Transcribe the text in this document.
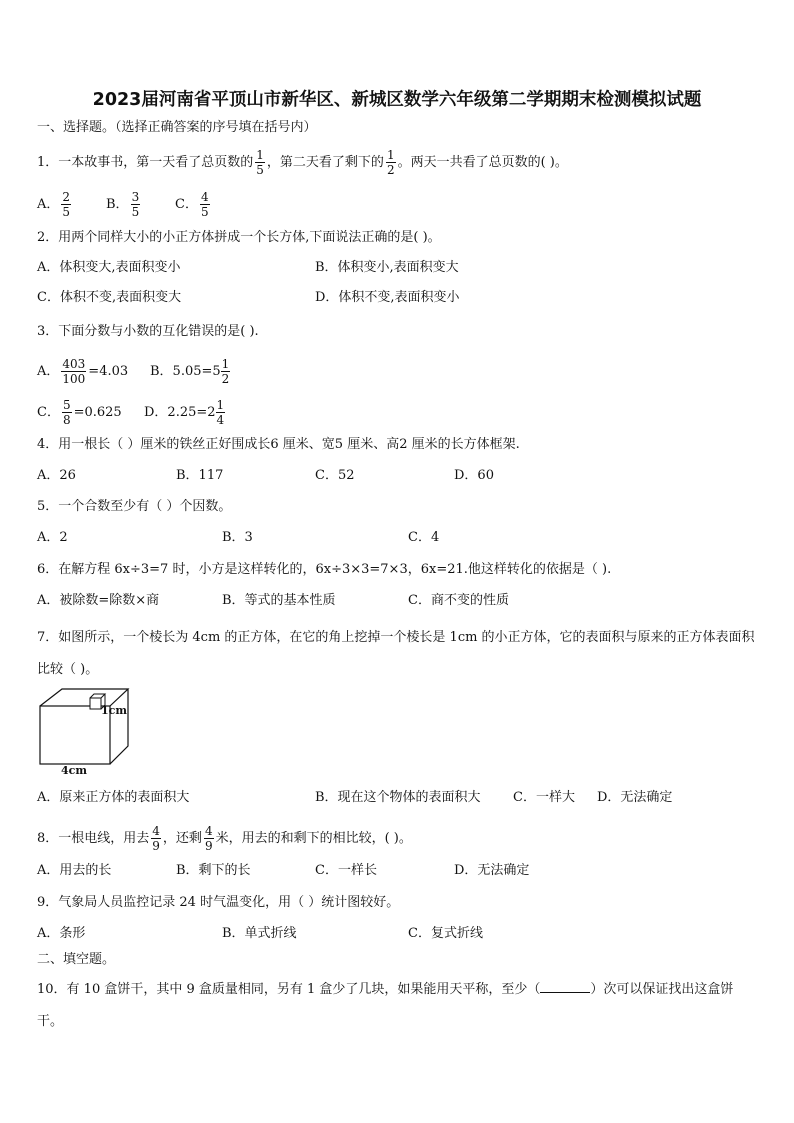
2023届河南省平顶山市新华区、新城区数学六年级第二学期期末检测模拟试题
一、选择题。（选择正确答案的序号填在括号内）
1．一本故事书，第一天看了总页数的 $\frac{1}{5}$ ，第二天看了剩下的 $\frac{1}{2}$ 。两天一共看了总页数的( )。
A． $\frac{2}{5}$	B． $\frac{3}{5}$	C． $\frac{4}{5}$
2．用两个同样大小的小正方体拼成一个长方体,下面说法正确的是( )。
A．体积变大,表面积变小	B．体积变小,表面积变大
C．体积不变,表面积变大	D．体积不变,表面积变小
3．下面分数与小数的互化错误的是( ).
A． $\frac{403}{100} =4.03$ B．$5.05=5 \frac{1}{2}$
C． $\frac{5}{8} =0.625$ D．$2.25=2 \frac{1}{4}$
4．用一根长（ ）厘米的铁丝正好围成长6 厘米、宽5 厘米、高2 厘米的长方体框架.
A．26	B．117	C．52	D．60
5．一个合数至少有（ ）个因数。
A．2	B．3	C．4
6．在解方程 6x÷3=7 时，小方是这样转化的，6x÷3×3=7×3，6x=21.他这样转化的依据是（ ).
A．被除数=除数×商	B．等式的基本性质	C．商不变的性质
7．如图所示，一个棱长为 4cm 的正方体，在它的角上挖掉一个棱长是 1cm 的小正方体，它的表面积与原来的正方体表面积比较（ )。
1cm
4cm
A．原来正方体的表面积大	B．现在这个物体的表面积大 C．一样大 D．无法确定
8．一根电线，用去 $\frac{4}{9}$ ，还剩 $\frac{4}{9}$ 米，用去的和剩下的相比较，( )。
A．用去的长	B．剩下的长	C．一样长	D．无法确定
9．气象局人员监控记录 24 时气温变化，用（ ）统计图较好。
A．条形	B．单式折线	C．复式折线
二、填空题。
10．有 10 盒饼干，其中 9 盒质量相同，另有 1 盒少了几块，如果能用天平称，至少（	）次可以保证找出这盒饼干。
